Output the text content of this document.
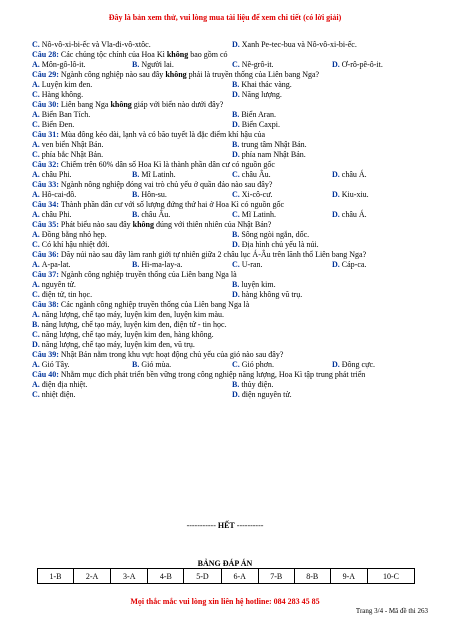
Đây là bản xem thử, vui lòng mua tài liệu để xem chi tiết (có lời giải)
C. Nô-vô-xi-bi-ếc và Vla-đi-vô-xtôc.	D. Xanh Pe-tec-bua và Nô-vô-xi-bi-ếc.
Câu 28: Các chủng tộc chính của Hoa Kì không bao gồm có
A. Môn-gô-lô-it.	B. Người lai.	C. Nê-grô-it.	D. Ơ-rô-pê-ô-it.
Câu 29: Ngành công nghiệp nào sau đây không phải là truyền thống của Liên bang Nga?
A. Luyện kim đen.	B. Khai thác vàng.
C. Hàng không.	D. Năng lượng.
Câu 30: Liên bang Nga không giáp với biển nào dưới đây?
A. Biển Ban Tích.	B. Biển Aran.
C. Biển Đen.	D. Biển Caxpi.
Câu 31: Mùa đông kéo dài, lạnh và có bão tuyết là đặc điểm khí hậu của
A. ven biển Nhật Bản.	B. trung tâm Nhật Bản.
C. phía bắc Nhật Bản.	D. phía nam Nhật Bản.
Câu 32: Chiếm trên 60% dân số Hoa Kì là thành phần dân cư có nguồn gốc
A. châu Phi.	B. Mĩ Latinh.	C. châu Âu.	D. châu Á.
Câu 33: Ngành nông nghiệp đóng vai trò chủ yếu ở quần đảo nào sau đây?
A. Hô-cai-đô.	B. Hôn-su.	C. Xi-cô-cư.	D. Kiu-xiu.
Câu 34: Thành phần dân cư với số lượng đứng thứ hai ở Hoa Kì có nguồn gốc
A. châu Phi.	B. châu Âu.	C. Mĩ Latinh.	D. châu Á.
Câu 35: Phát biểu nào sau đây không đúng với thiên nhiên của Nhật Bản?
A. Đồng bằng nhỏ hẹp.	B. Sông ngòi ngắn, dốc.
C. Có khí hậu nhiệt đới.	D. Địa hình chủ yếu là núi.
Câu 36: Dãy núi nào sau đây làm ranh giới tự nhiên giữa 2 châu lục Á-Âu trên lãnh thổ Liên bang Nga?
A. A-pa-lat.	B. Hi-ma-lay-a.	C. U-ran.	D. Cáp-ca.
Câu 37: Ngành công nghiệp truyền thống của Liên bang Nga là
A. nguyên tử.	B. luyện kim.
C. điện tử, tin học.	D. hàng không vũ trụ.
Câu 38: Các ngành công nghiệp truyền thống của Liên bang Nga là
A. năng lượng, chế tạo máy, luyện kim đen, luyện kim màu.
B. năng lượng, chế tạo máy, luyện kim đen, điện tử - tin học.
C. năng lượng, chế tạo máy, luyện kim đen, hàng không.
D. năng lượng, chế tạo máy, luyện kim đen, vũ trụ.
Câu 39: Nhật Bản nằm trong khu vực hoạt động chủ yếu của gió nào sau đây?
A. Gió Tây.	B. Gió mùa.	C. Gió phơn.	D. Đông cực.
Câu 40: Nhằm mục đích phát triển bền vững trong công nghiệp năng lượng, Hoa Kì tập trung phát triển
A. điện địa nhiệt.	B. thủy điện.
C. nhiệt điện.	D. điện nguyên tử.
----------- HẾT ----------
BẢNG ĐÁP ÁN
1-B	2-A	3-A	4-B	5-D	6-A	7-B	8-B	9-A	10-C
Mọi thắc mắc vui lòng xin liên hệ hotline: 084 283 45 85
Trang 3/4 - Mã đề thi 263
